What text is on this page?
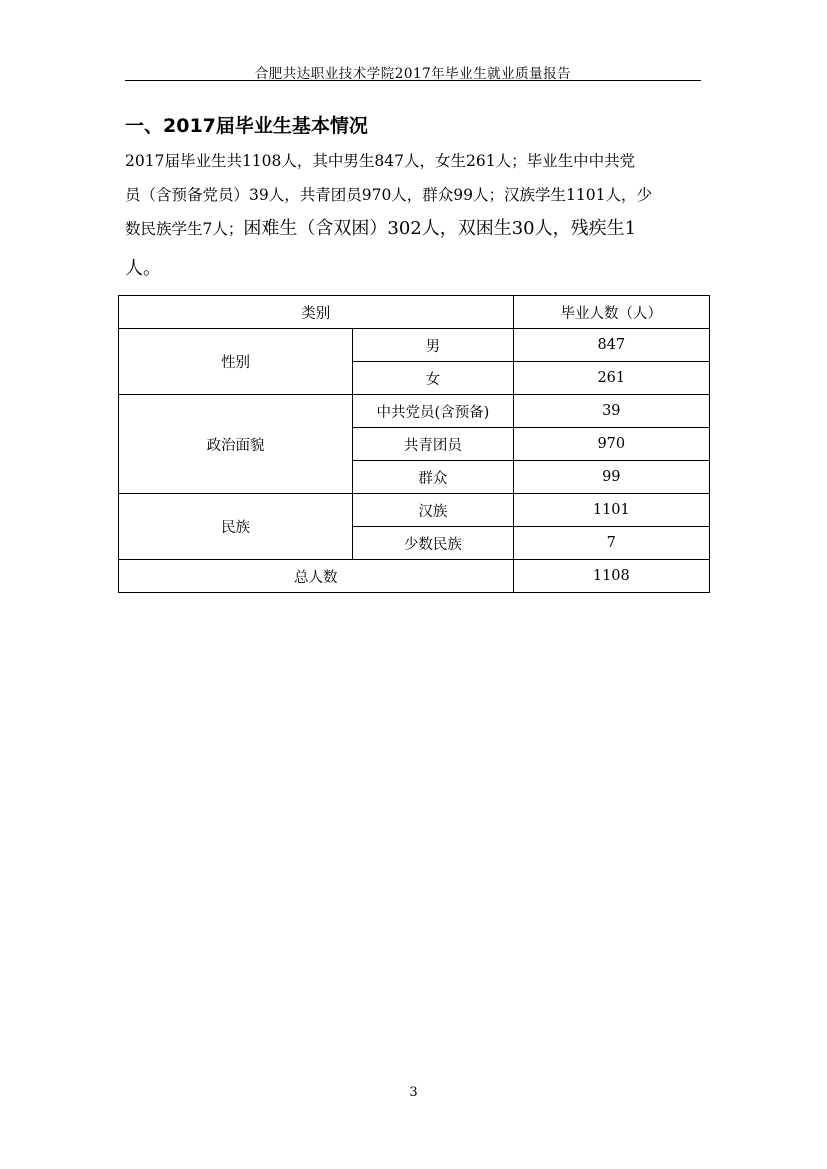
合肥共达职业技术学院2017年毕业生就业质量报告
一、2017届毕业生基本情况
2017届毕业生共1108人，其中男生847人，女生261人；毕业生中中共党
员（含预备党员）39人，共青团员970人，群众99人；汉族学生1101人，少
数民族学生7人；困难生（含双困）302人，双困生30人，残疾生1
人。
类别		毕业人数（人）
性别	男	847
	女	261
政治面貌	中共党员(含预备)	39
	共青团员	970
	群众	99
民族	汉族	1101
	少数民族	7
总人数		1108
3
